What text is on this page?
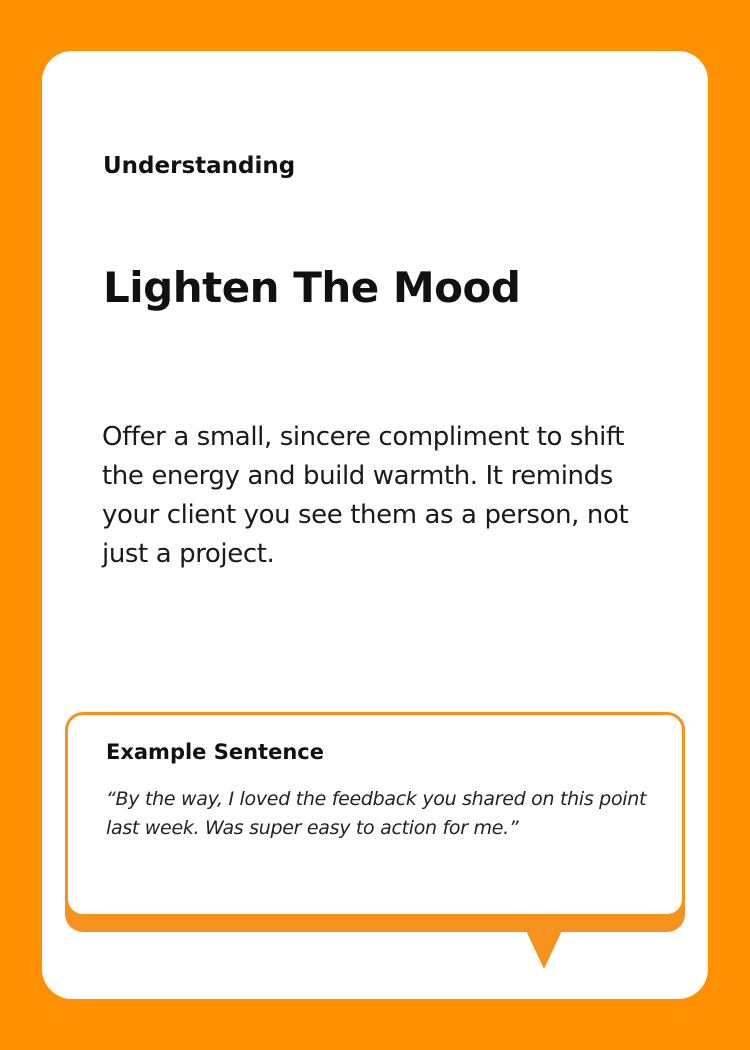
Understanding
Lighten The Mood

Offer a small, sincere compliment to shift the energy and build warmth. It reminds your client you see them as a person, not just a project.

Example Sentence

“By the way, I loved the feedback you shared on this point last week. Was super easy to action for me.”
